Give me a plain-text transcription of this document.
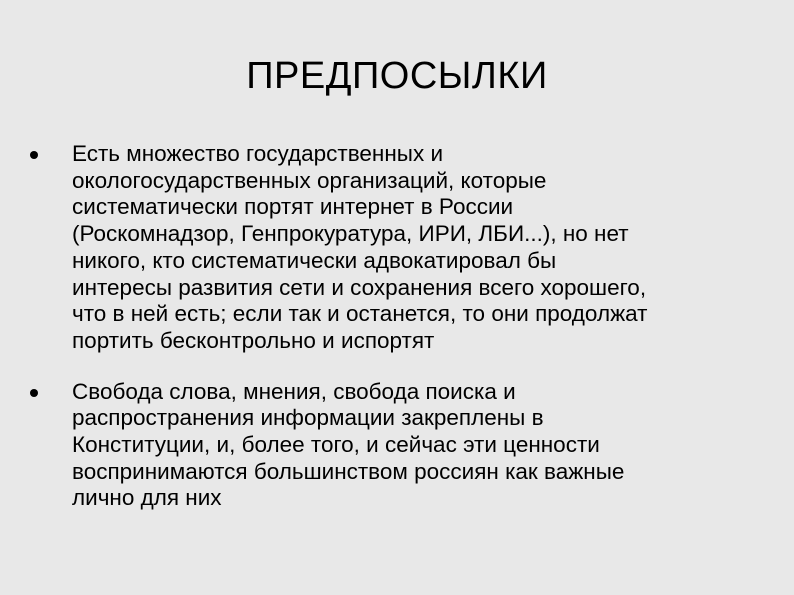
ПРЕДПОСЫЛКИ
Есть множество государственных и
окологосударственных организаций, которые
систематически портят интернет в России
(Роскомнадзор, Генпрокуратура, ИРИ, ЛБИ...), но нет
никого, кто систематически адвокатировал бы
интересы развития сети и сохранения всего хорошего,
что в ней есть; если так и останется, то они продолжат
портить бесконтрольно и испортят
Свобода слова, мнения, свобода поиска и
распространения информации закреплены в
Конституции, и, более того, и сейчас эти ценности
воспринимаются большинством россиян как важные
лично для них
